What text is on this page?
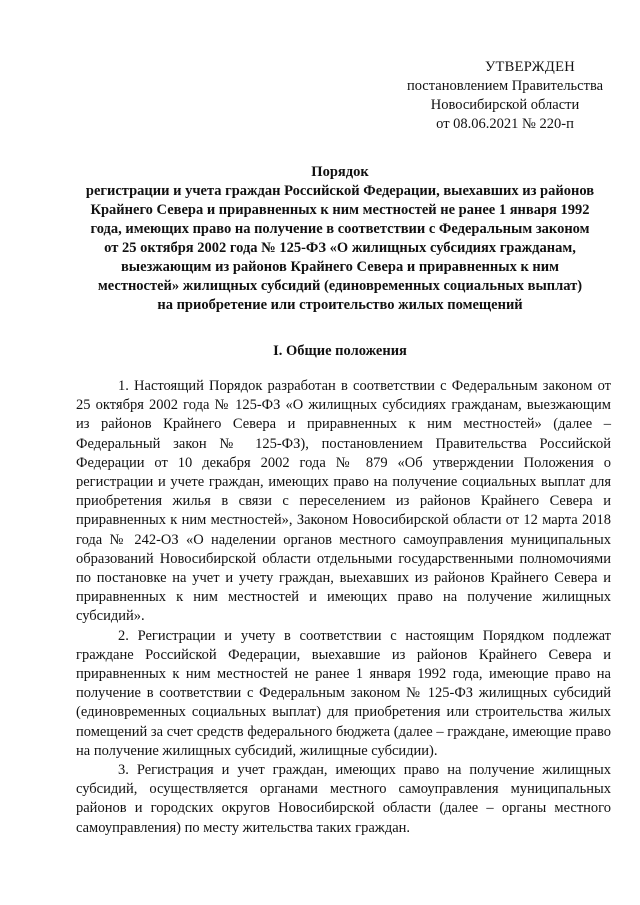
УТВЕРЖДЕН
постановлением Правительства
Новосибирской области
от 08.06.2021 № 220-п
Порядок
регистрации и учета граждан Российской Федерации, выехавших из районов
Крайнего Севера и приравненных к ним местностей не ранее 1 января 1992
года, имеющих право на получение в соответствии с Федеральным законом
от 25 октября 2002 года № 125-ФЗ «О жилищных субсидиях гражданам,
выезжающим из районов Крайнего Севера и приравненных к ним
местностей» жилищных субсидий (единовременных социальных выплат)
на приобретение или строительство жилых помещений
I. Общие положения

1. Настоящий Порядок разработан в соответствии с Федеральным законом от 25 октября 2002 года № 125-ФЗ «О жилищных субсидиях гражданам, выезжающим из районов Крайнего Севера и приравненных к ним местностей» (далее – Федеральный закон № 125-ФЗ), постановлением Правительства Российской Федерации от 10 декабря 2002 года № 879 «Об утверждении Положения о регистрации и учете граждан, имеющих право на получение социальных выплат для приобретения жилья в связи с переселением из районов Крайнего Севера и приравненных к ним местностей», Законом Новосибирской области от 12 марта 2018 года № 242-ОЗ «О наделении органов местного самоуправления муниципальных образований Новосибирской области отдельными государственными полномочиями по постановке на учет и учету граждан, выехавших из районов Крайнего Севера и приравненных к ним местностей и имеющих право на получение жилищных субсидий».

2. Регистрации и учету в соответствии с настоящим Порядком подлежат граждане Российской Федерации, выехавшие из районов Крайнего Севера и приравненных к ним местностей не ранее 1 января 1992 года, имеющие право на получение в соответствии с Федеральным законом № 125-ФЗ жилищных субсидий (единовременных социальных выплат) для приобретения или строительства жилых помещений за счет средств федерального бюджета (далее – граждане, имеющие право на получение жилищных субсидий, жилищные субсидии).

3. Регистрация и учет граждан, имеющих право на получение жилищных субсидий, осуществляется органами местного самоуправления муниципальных районов и городских округов Новосибирской области (далее – органы местного самоуправления) по месту жительства таких граждан.
